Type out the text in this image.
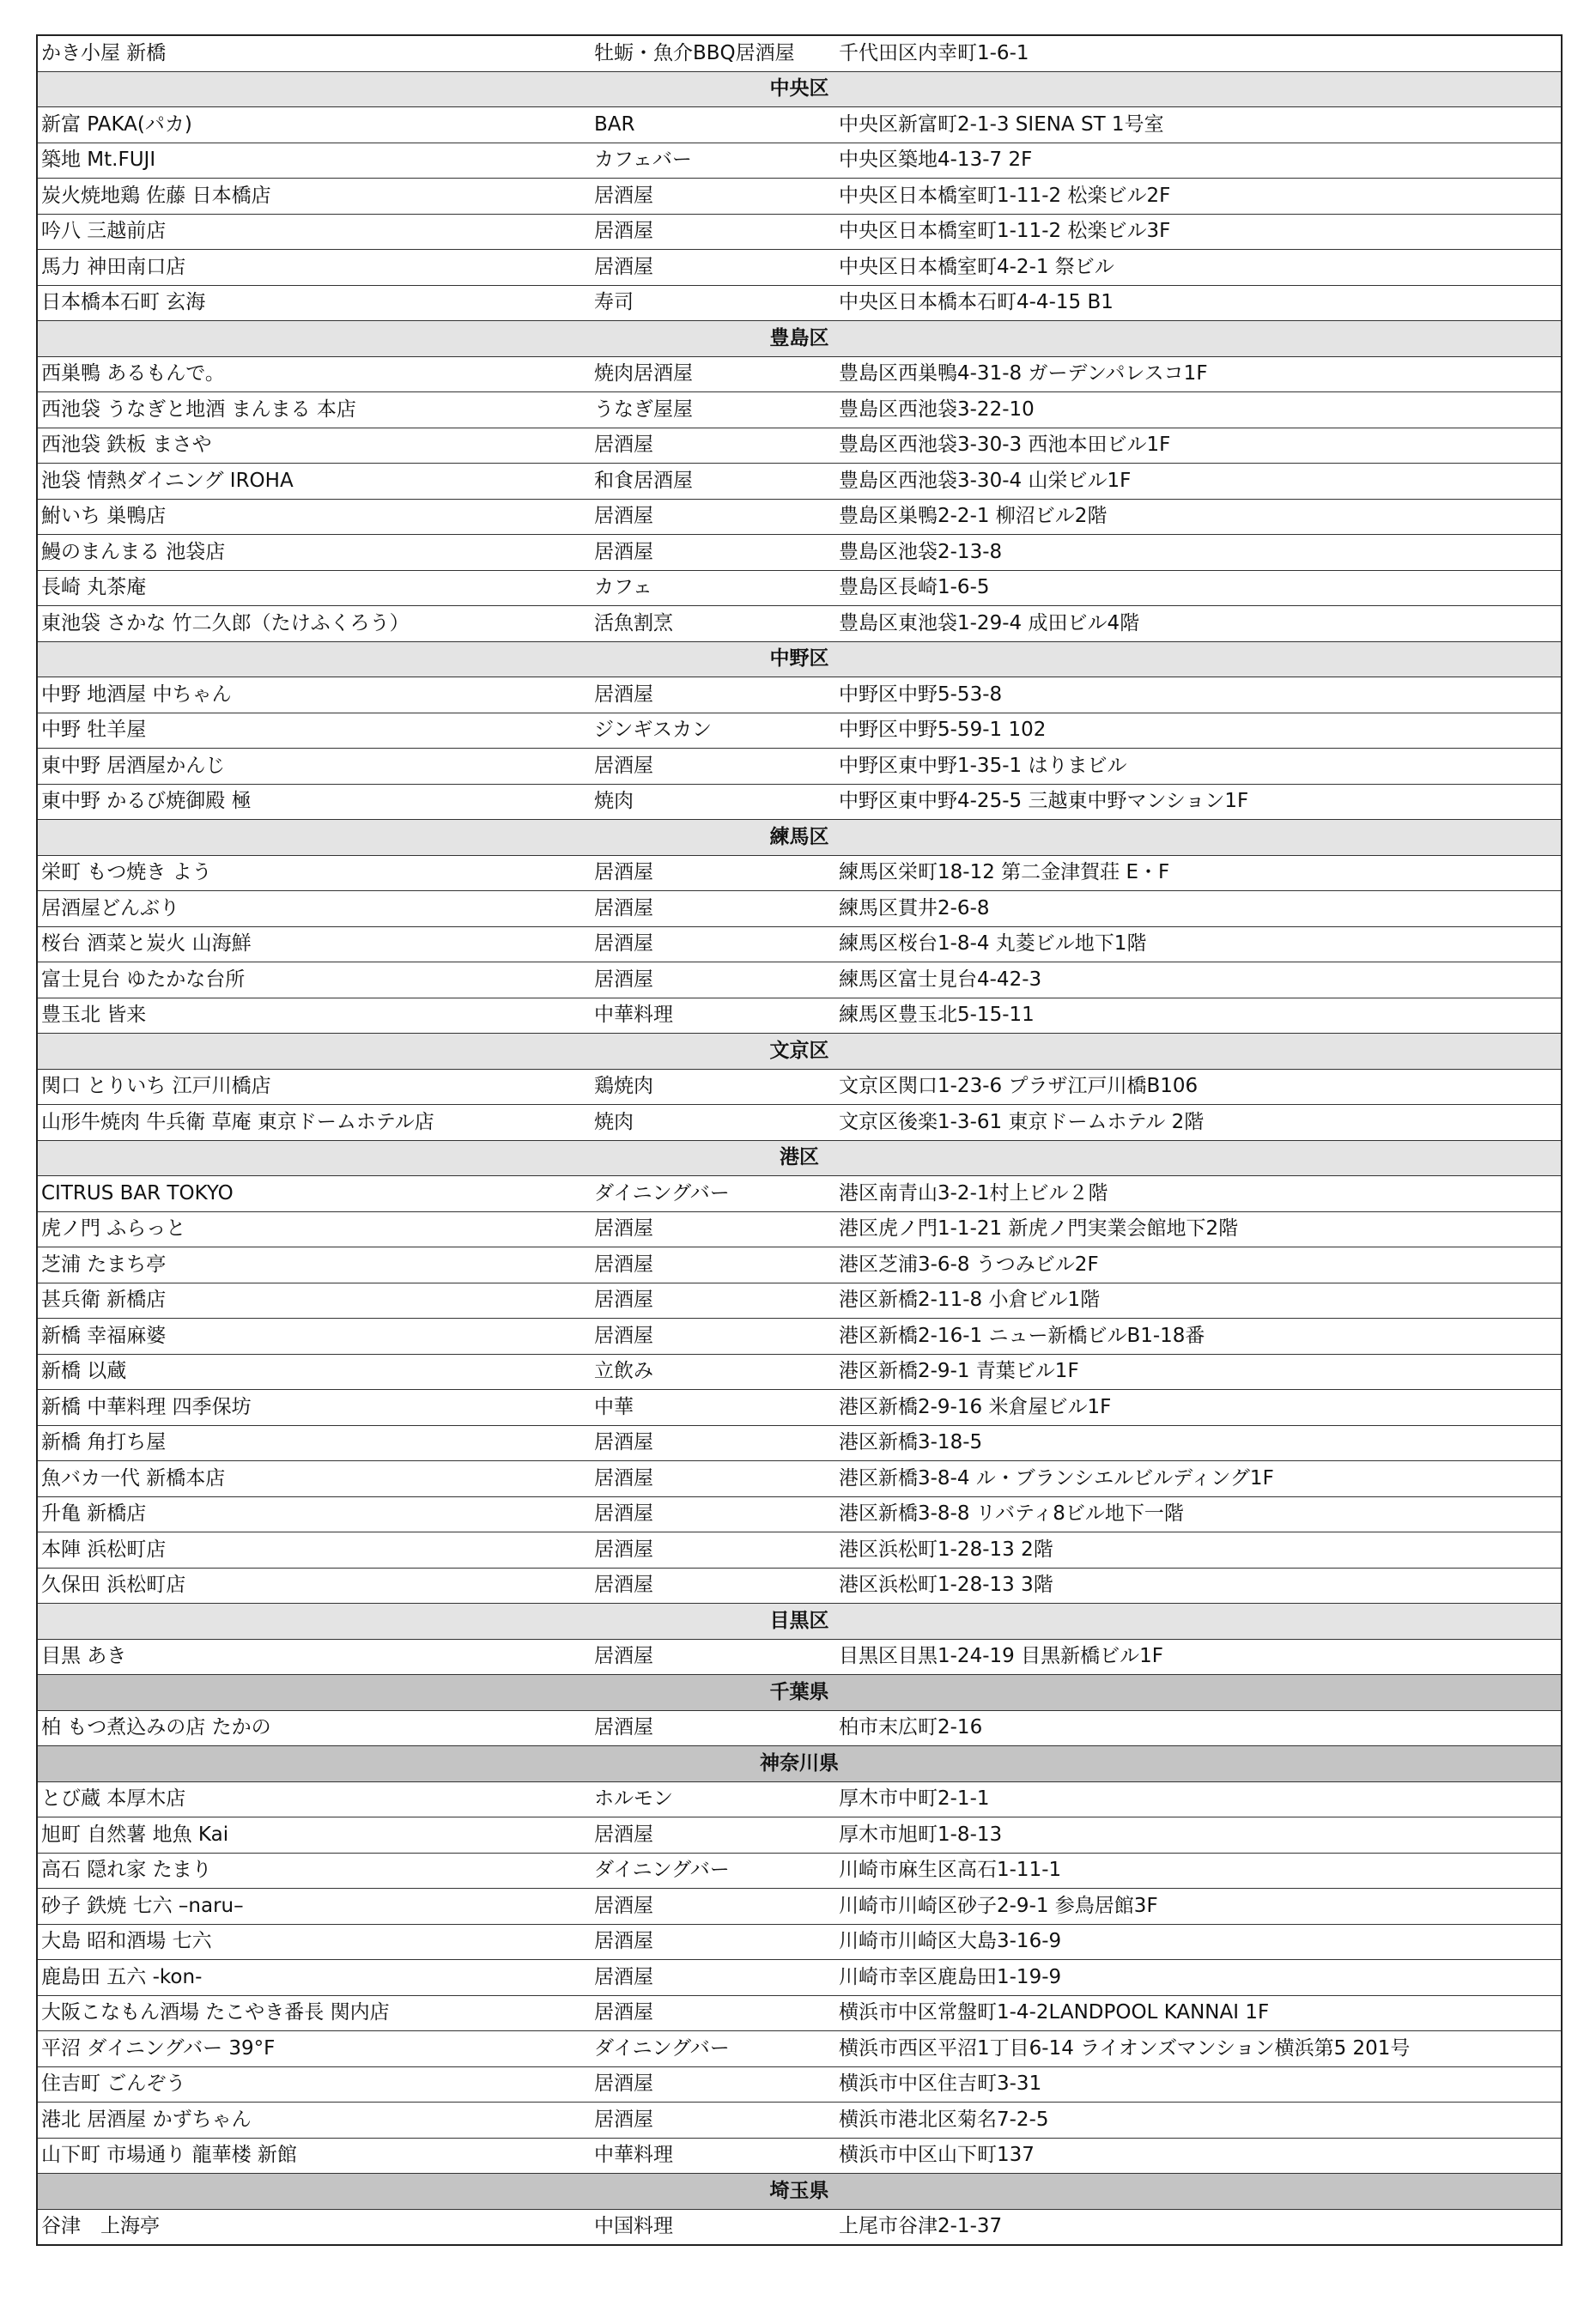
かき小屋 新橋	牡蛎・魚介BBQ居酒屋	千代田区内幸町1-6-1
中央区		
新富 PAKA(パカ)	BAR	中央区新富町2-1-3 SIENA ST 1号室
築地 Mt.FUJI	カフェバー	中央区築地4-13-7 2F
炭火焼地鶏 佐藤 日本橋店	居酒屋	中央区日本橋室町1-11-2 松楽ビル2F
吟八 三越前店	居酒屋	中央区日本橋室町1-11-2 松楽ビル3F
馬力 神田南口店	居酒屋	中央区日本橋室町4-2-1 祭ビル
日本橋本石町 玄海	寿司	中央区日本橋本石町4-4-15 B1
豊島区		
西巣鴨 あるもんで。	焼肉居酒屋	豊島区西巣鴨4-31-8 ガーデンパレスコ1F
西池袋 うなぎと地酒 まんまる 本店	うなぎ屋屋	豊島区西池袋3-22-10
西池袋 鉄板 まさや	居酒屋	豊島区西池袋3-30-3 西池本田ビル1F
池袋 情熱ダイニング IROHA	和食居酒屋	豊島区西池袋3-30-4 山栄ビル1F
鮒いち 巣鴨店	居酒屋	豊島区巣鴨2-2-1 柳沼ビル2階
鰻のまんまる 池袋店	居酒屋	豊島区池袋2-13-8
長崎 丸茶庵	カフェ	豊島区長崎1-6-5
東池袋 さかな 竹二久郎（たけふくろう）	活魚割烹	豊島区東池袋1-29-4 成田ビル4階
中野区		
中野 地酒屋 中ちゃん	居酒屋	中野区中野5-53-8
中野 牡羊屋	ジンギスカン	中野区中野5-59-1 102
東中野 居酒屋かんじ	居酒屋	中野区東中野1-35-1 はりまビル
東中野 かるび焼御殿 極	焼肉	中野区東中野4-25-5 三越東中野マンション1F
練馬区		
栄町 もつ焼き よう	居酒屋	練馬区栄町18-12 第二金津賀荘 E・F
居酒屋どんぶり	居酒屋	練馬区貫井2-6-8
桜台 酒菜と炭火 山海鮮	居酒屋	練馬区桜台1-8-4 丸菱ビル地下1階
富士見台 ゆたかな台所	居酒屋	練馬区富士見台4-42-3
豊玉北 皆来	中華料理	練馬区豊玉北5-15-11
文京区		
関口 とりいち 江戸川橋店	鶏焼肉	文京区関口1-23-6 プラザ江戸川橋B106
山形牛焼肉 牛兵衛 草庵 東京ドームホテル店	焼肉	文京区後楽1-3-61 東京ドームホテル 2階
港区		
CITRUS BAR TOKYO	ダイニングバー	港区南青山3-2-1村上ビル２階
虎ノ門 ふらっと	居酒屋	港区虎ノ門1-1-21 新虎ノ門実業会館地下2階
芝浦 たまち亭	居酒屋	港区芝浦3-6-8 うつみビル2F
甚兵衛 新橋店	居酒屋	港区新橋2-11-8 小倉ビル1階
新橋 幸福麻婆	居酒屋	港区新橋2-16-1 ニュー新橋ビルB1-18番
新橋 以蔵	立飲み	港区新橋2-9-1 青葉ビル1F
新橋 中華料理 四季保坊	中華	港区新橋2-9-16 米倉屋ビル1F
新橋 角打ち屋	居酒屋	港区新橋3-18-5
魚バカ一代 新橋本店	居酒屋	港区新橋3-8-4 ル・ブランシエルビルディング1F
升亀 新橋店	居酒屋	港区新橋3-8-8 リバティ8ビル地下一階
本陣 浜松町店	居酒屋	港区浜松町1-28-13 2階
久保田 浜松町店	居酒屋	港区浜松町1-28-13 3階
目黒区		
目黒 あき	居酒屋	目黒区目黒1-24-19 目黒新橋ビル1F
千葉県		
柏 もつ煮込みの店 たかの	居酒屋	柏市末広町2-16
神奈川県		
とび蔵 本厚木店	ホルモン	厚木市中町2-1-1
旭町 自然薯 地魚 Kai	居酒屋	厚木市旭町1-8-13
高石 隠れ家 たまり	ダイニングバー	川崎市麻生区高石1-11-1
砂子 鉄焼 七六 –naru–	居酒屋	川崎市川崎区砂子2-9-1 参鳥居館3F
大島 昭和酒場 七六	居酒屋	川崎市川崎区大島3-16-9
鹿島田 五六 -kon-	居酒屋	川崎市幸区鹿島田1-19-9
大阪こなもん酒場 たこやき番長 関内店	居酒屋	横浜市中区常盤町1-4-2LANDPOOL KANNAI 1F
平沼 ダイニングバー 39°F	ダイニングバー	横浜市西区平沼1丁目6-14 ライオンズマンション横浜第5 201号
住吉町 ごんぞう	居酒屋	横浜市中区住吉町3-31
港北 居酒屋 かずちゃん	居酒屋	横浜市港北区菊名7-2-5
山下町 市場通り 龍華楼 新館	中華料理	横浜市中区山下町137
埼玉県		
谷津　上海亭	中国料理	上尾市谷津2-1-37
